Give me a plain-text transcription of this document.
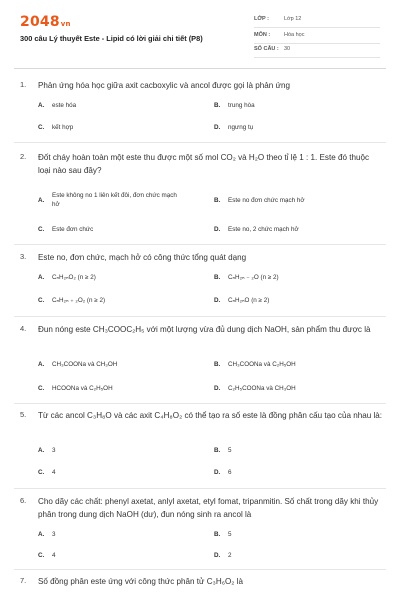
2048vn
300 câu Lý thuyết Este - Lipid có lời giải chi tiết (P8)
LỚP :	Lớp 12
MÔN :	Hóa học
SỐ CÂU : 30
1. Phản ứng hóa học giữa axit cacboxylic và ancol được gọi là phản ứng
A. este hóa	B. trung hòa
C. kết hợp	D. ngưng tụ
2. Đốt cháy hoàn toàn một este thu được một số mol CO₂ và H₂O theo tỉ lệ 1 : 1. Este đó thuộc loại nào sau đây?
A.
Este không no 1 liên kết đôi, đơn chức mạch hở	B. Este no đơn chức mạch hở
C. Este đơn chức	D. Este no, 2 chức mạch hở
3. Este no, đơn chức, mạch hở có công thức tổng quát dạng
A. CₙH₂ₙO₂ (n ≥ 2)	B. CₙH₂ₙ ₋ ₂O (n ≥ 2)
C. CₙH₂ₙ ₊ ₂O₂ (n ≥ 2)	D. CₙH₂ₙO (n ≥ 2)
4. Đun nóng este CH₃COOC₂H₅ với một lượng vừa đủ dung dịch NaOH, sản phẩm thu được là
A. CH₃COONa và CH₃OH	B. CH₃COONa và C₂H₅OH
C. HCOONa và C₂H₅OH	D. C₂H₅COONa và CH₃OH
5. Từ các ancol C₃H₈O và các axit C₄H₈O₂ có thể tạo ra số este là đồng phân cấu tạo của nhau là:
A. 3	B. 5
C. 4	D. 6
6. Cho dãy các chất: phenyl axetat, anlyl axetat, etyl fomat, tripanmitin. Số chất trong dãy khi thủy phân trong dung dịch NaOH (dư), đun nóng sinh ra ancol là
A. 3	B. 5
C. 4	D. 2
7. Số đồng phân este ứng với công thức phân tử C₃H₆O₂ là
